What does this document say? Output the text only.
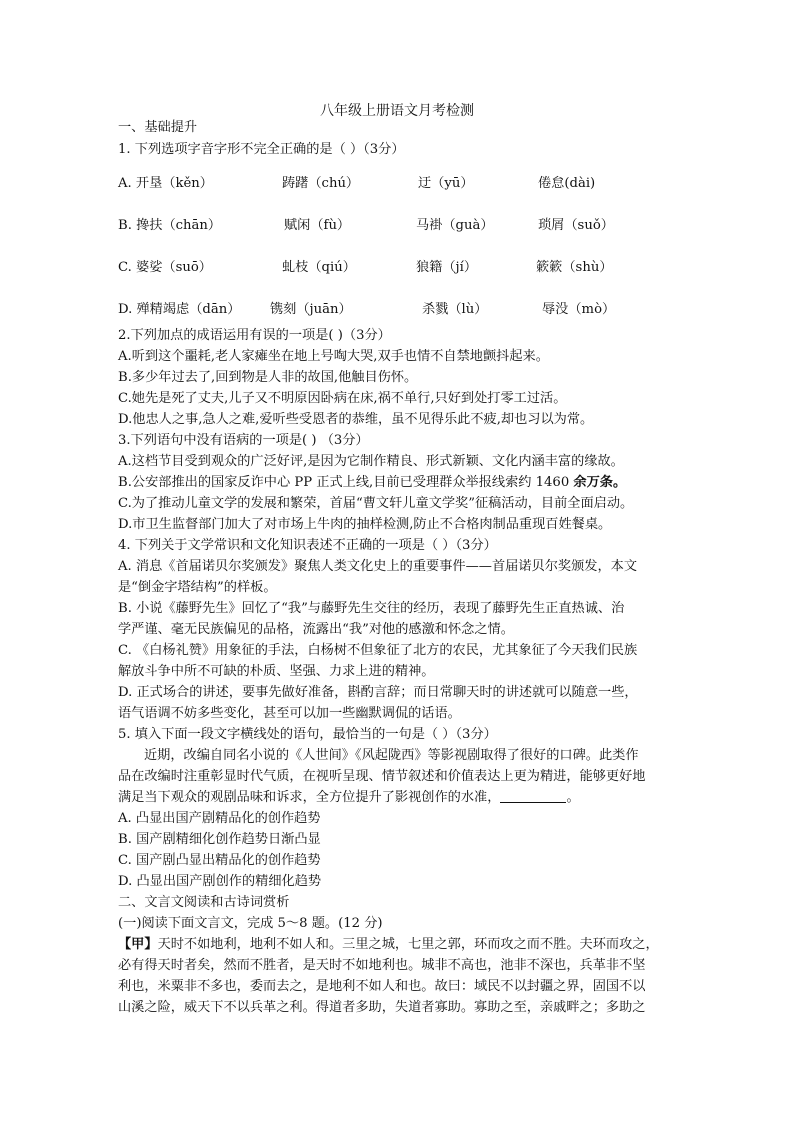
八年级上册语文月考检测
一、基础提升
1. 下列选项字音字形不完全正确的是（ ）（3分）
A. 开垦（kěn）	踌躇（chú）	迂（yū）	倦怠(dài)
B. 搀扶（chān）	赋闲（fù）	马褂（guà）	琐屑（suǒ）
C. 婆娑（suō）	虬枝（qiú）	狼籍（jí）	簌簌（shù）
D. 殚精竭虑（dān） 镌刻（juān）	杀戮（lù）	辱没（mò）
2.下列加点的成语运用有误的一项是( )（3分）
A.听到这个噩耗,老人家瘫坐在地上号啕大哭,双手也情不自禁地颤抖起来。
B.多少年过去了,回到物是人非的故国,他触目伤怀。
C.她先是死了丈夫,儿子又不明原因卧病在床,祸不单行,只好到处打零工过活。
D.他忠人之事,急人之难,爱听些受恩者的恭维，虽不见得乐此不疲,却也习以为常。
3.下列语句中没有语病的一项是( ) （3分）
A.这档节目受到观众的广泛好评,是因为它制作精良、形式新颖、文化内涵丰富的缘故。
B.公安部推出的国家反诈中心 PP 正式上线,目前已受理群众举报线索约 1460 余万条。
C.为了推动儿童文学的发展和繁荣，首届“曹文轩儿童文学奖”征稿活动，目前全面启动。
D.市卫生监督部门加大了对市场上牛肉的抽样检测,防止不合格肉制品重现百姓餐桌。
4. 下列关于文学常识和文化知识表述不正确的一项是（ ）（3分）
A. 消息《首届诺贝尔奖颁发》聚焦人类文化史上的重要事件——首届诺贝尔奖颁发，本文
是“倒金字塔结构”的样板。
B. 小说《藤野先生》回忆了“我”与藤野先生交往的经历，表现了藤野先生正直热诚、治
学严谨、毫无民族偏见的品格，流露出“我”对他的感激和怀念之情。
C. 《白杨礼赞》用象征的手法，白杨树不但象征了北方的农民，尤其象征了今天我们民族
解放斗争中所不可缺的朴质、坚强、力求上进的精神。
D. 正式场合的讲述，要事先做好准备，斟酌言辞；而日常聊天时的讲述就可以随意一些，
语气语调不妨多些变化，甚至可以加一些幽默调侃的话语。
5. 填入下面一段文字横线处的语句，最恰当的一句是（ ）（3分）
近期，改编自同名小说的《人世间》《风起陇西》等影视剧取得了很好的口碑。此类作
品在改编时注重彰显时代气质，在视听呈现、情节叙述和价值表达上更为精进，能够更好地
满足当下观众的观剧品味和诉求，全方位提升了影视创作的水准，	。
A. 凸显出国产剧精品化的创作趋势
B. 国产剧精细化创作趋势日渐凸显
C. 国产剧凸显出精品化的创作趋势
D. 凸显出国产剧创作的精细化趋势
二、文言文阅读和古诗词赏析
(一)阅读下面文言文，完成 5～8 题。(12 分)
【甲】天时不如地利，地利不如人和。三里之城，七里之郭，环而攻之而不胜。夫环而攻之，
必有得天时者矣，然而不胜者，是天时不如地利也。城非不高也，池非不深也，兵革非不坚
利也，米粟非不多也，委而去之，是地利不如人和也。故曰：域民不以封疆之界，固国不以
山溪之险，威天下不以兵革之利。得道者多助，失道者寡助。寡助之至，亲戚畔之；多助之
